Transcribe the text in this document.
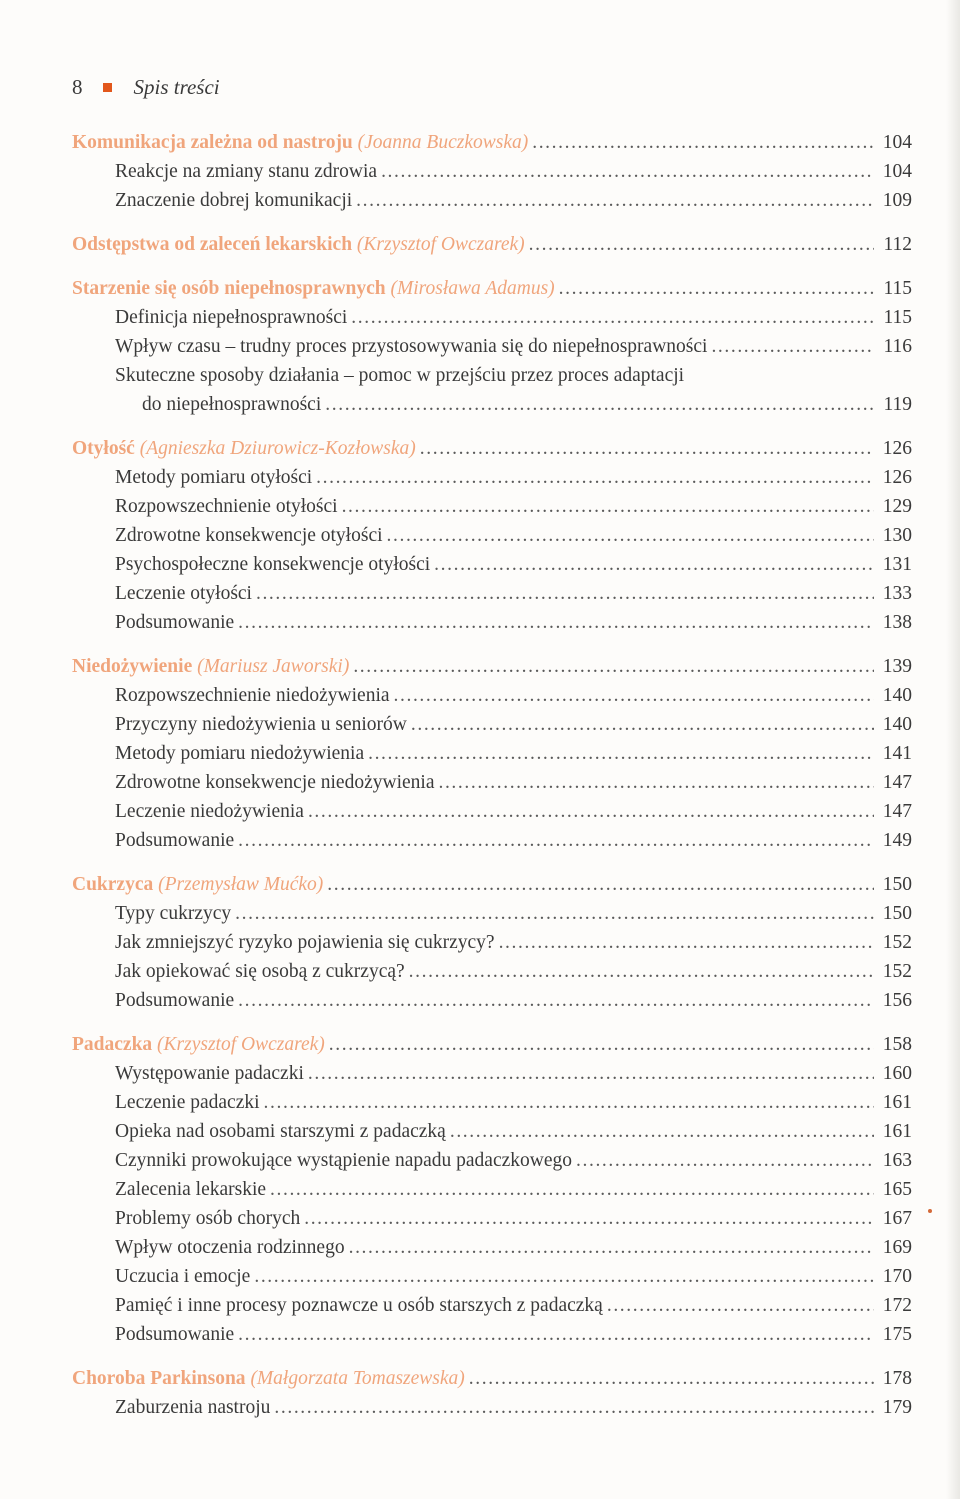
8 Spis treści
Komunikacja zależna od nastroju
(Joanna Buczkowska) .....	104
Reakcje na zmiany stanu zdrowia .....	104
Znaczenie dobrej komunikacji .....	109
Odstępstwa od zaleceń lekarskich
(Krzysztof Owczarek) .....	112
Starzenie się osób niepełnosprawnych
(Mirosława Adamus) .....	115
Definicja niepełnosprawności .....	115
Wpływ czasu – trudny proces przystosowywania się do niepełnosprawności .....	116
Skuteczne sposoby działania – pomoc w przejściu przez proces adaptacji
do niepełnosprawności .....	119
Otyłość
(Agnieszka Dziurowicz-Kozłowska) .....	126
Metody pomiaru otyłości .....	126
Rozpowszechnienie otyłości .....	129
Zdrowotne konsekwencje otyłości .....	130
Psychospołeczne konsekwencje otyłości .....	131
Leczenie otyłości .....	133
Podsumowanie .....	138
Niedożywienie
(Mariusz Jaworski) .....	139
Rozpowszechnienie niedożywienia .....	140
Przyczyny niedożywienia u seniorów .....	140
Metody pomiaru niedożywienia .....	141
Zdrowotne konsekwencje niedożywienia .....	147
Leczenie niedożywienia .....	147
Podsumowanie .....	149
Cukrzyca
(Przemysław Mućko) .....	150
Typy cukrzycy .....	150
Jak zmniejszyć ryzyko pojawienia się cukrzycy? .....	152
Jak opiekować się osobą z cukrzycą? .....	152
Podsumowanie .....	156
Padaczka
(Krzysztof Owczarek) .....	158
Występowanie padaczki .....	160
Leczenie padaczki .....	161
Opieka nad osobami starszymi z padaczką .....	161
Czynniki prowokujące wystąpienie napadu padaczkowego .....	163
Zalecenia lekarskie .....	165
Problemy osób chorych .....	167
Wpływ otoczenia rodzinnego .....	169
Uczucia i emocje .....	170
Pamięć i inne procesy poznawcze u osób starszych z padaczką .....	172
Podsumowanie .....	175
Choroba Parkinsona
(Małgorzata Tomaszewska) .....	178
Zaburzenia nastroju .....	179
